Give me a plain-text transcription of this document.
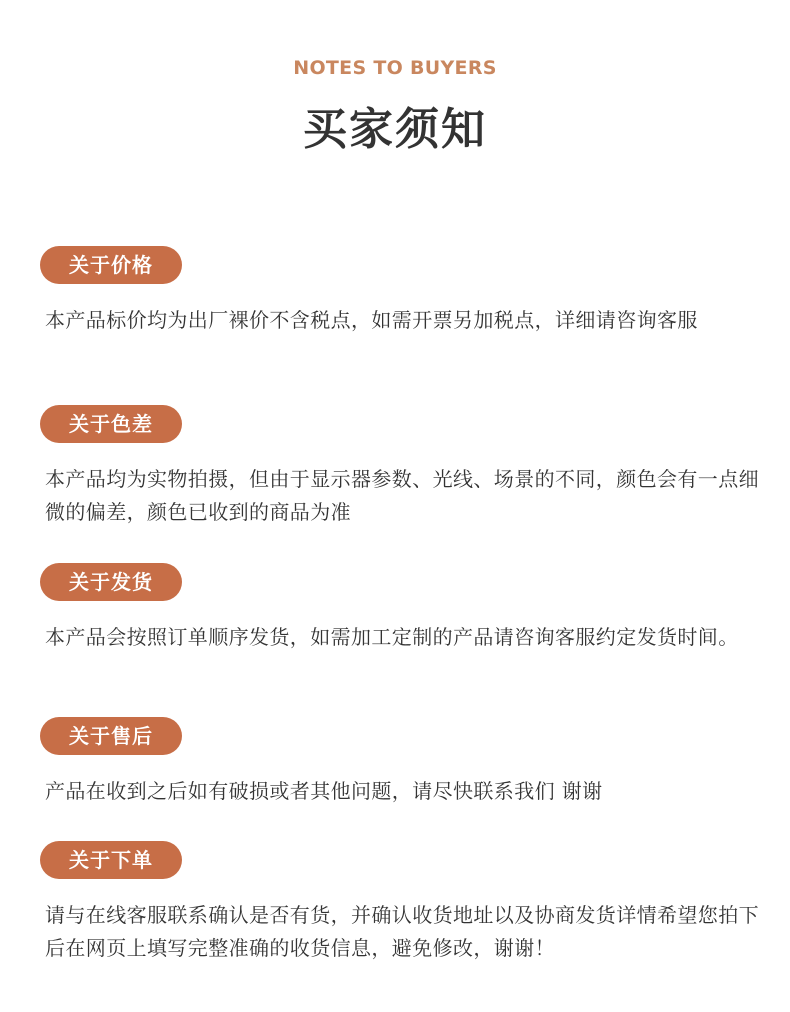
NOTES TO BUYERS
买家须知
关于价格
本产品标价均为出厂裸价不含税点，如需开票另加税点，详细请咨询客服
关于色差
本产品均为实物拍摄，但由于显示器参数、光线、场景的不同，颜色会有一点细微的偏差，颜色已收到的商品为准
关于发货
本产品会按照订单顺序发货，如需加工定制的产品请咨询客服约定发货时间。
关于售后
产品在收到之后如有破损或者其他问题，请尽快联系我们 谢谢
关于下单
请与在线客服联系确认是否有货，并确认收货地址以及协商发货详情希望您拍下后在网页上填写完整准确的收货信息，避免修改，谢谢！
